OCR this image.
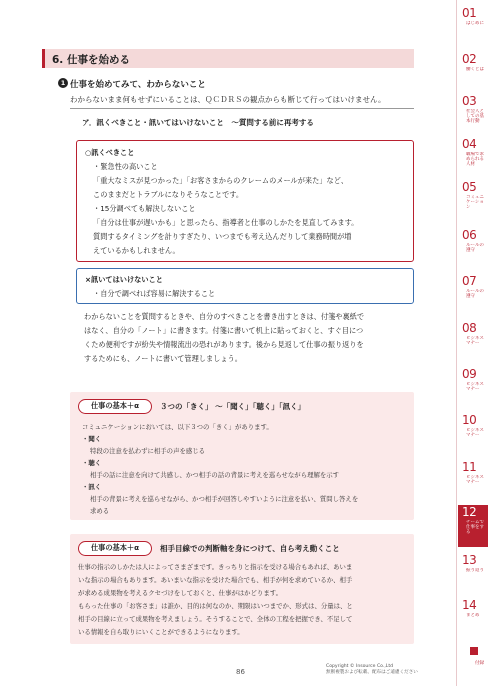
6. 仕事を始める
1 仕事を始めてみて、わからないこと
わからないまま何もせずにいることは、ＱＣＤＲＳの観点からも断じて行ってはいけません。
ア．訊くべきこと・訊いてはいけないこと　～質問する前に再考する
○訊くべきこと
・緊急性の高いこと
「重大なミスが見つかった」「お客さまからのクレームのメールが来た」など、
このままだとトラブルになりそうなことです。
・15分調べても解決しないこと
「自分は仕事が遅いかも」と思ったら、指導者と仕事のしかたを見直してみます。
質問するタイミングを計りすぎたり、いつまでも考え込んだりして業務時間が増
えているかもしれません。
×訊いてはいけないこと
・自分で調べれば容易に解決すること
わからないことを質問するときや、自分のすべきことを書き出すときは、付箋や裏紙で
はなく、自分の「ノート」に書きます。付箋に書いて机上に貼っておくと、すぐ目につ
くため便利ですが紛失や情報流出の恐れがあります。後から見返して仕事の振り返りを
するためにも、ノートに書いて管理しましょう。
仕事の基本＋α	３つの「きく」 ～「聞く」「聴く」「訊く」
コミュニケーションにおいては、以下３つの「きく」があります。
・聞く
特段の注意を払わずに相手の声を感じる
・聴く
相手の話に注意を向けて共感し、かつ相手の話の背景に考えを巡らせながら理解を示す
・訊く
相手の背景に考えを巡らせながら、かつ相手が回答しやすいように注意を払い、質問し答えを
求める
仕事の基本＋α	相手目線での判断軸を身につけて、自ら考え動くこと
仕事の指示のしかたは人によってさまざまです。きっちりと指示を受ける場合もあれば、あいま
いな指示の場合もあります。あいまいな指示を受けた場合でも、相手が何を求めているか、相手
が求める成果物を考えるクセづけをしておくと、仕事がはかどります。
もらった仕事の「お客さま」は誰か、目的は何なのか、期限はいつまでか、形式は、分量は、と
相手の目線に立って成果物を考えましょう。そうすることで、全体の工程を把握でき、不足して
いる情報を自ら取りにいくことができるようになります。
86
Copyright © Insource Co.,Ltd
無断複製および転載、配布はご遠慮ください
01
はじめに
02
働くとは
03
社会人としての基本行動
04
職場で求められる人材
05
コミュニケーション
06
ルールの遵守
07
ルールの遵守
08
ビジネスマナー
09
ビジネスマナー
10
ビジネスマナー
11
ビジネスマナー
12
チームで仕事をする
13
振り返り
14
まとめ
付録
